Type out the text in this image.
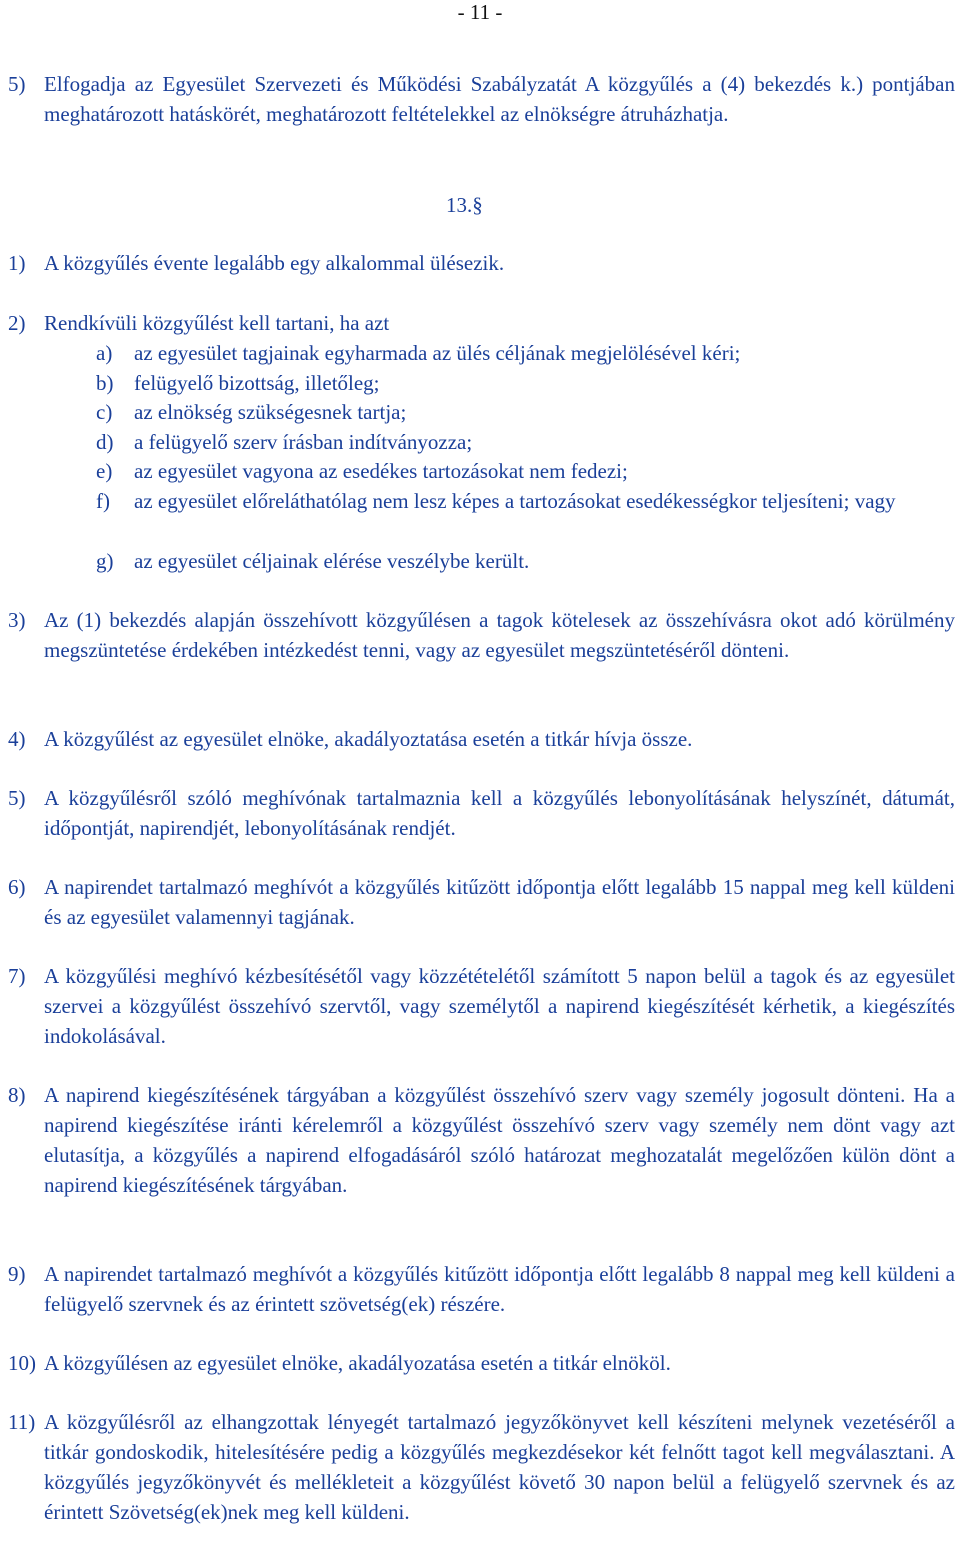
- 11 -
5) Elfogadja az Egyesület Szervezeti és Működési Szabályzatát A közgyűlés a (4) bekezdés k.) pontjában meghatározott hatáskörét, meghatározott feltételekkel az elnökségre átruházhatja.
13.§
1) A közgyűlés évente legalább egy alkalommal ülésezik.
2) Rendkívüli közgyűlést kell tartani, ha azt
a) az egyesület tagjainak egyharmada az ülés céljának megjelölésével kéri;
b) felügyelő bizottság, illetőleg;
c) az elnökség szükségesnek tartja;
d) a felügyelő szerv írásban indítványozza;
e) az egyesület vagyona az esedékes tartozásokat nem fedezi;
f) az egyesület előreláthatólag nem lesz képes a tartozásokat esedékességkor teljesíteni; vagy
g) az egyesület céljainak elérése veszélybe került.
3) Az (1) bekezdés alapján összehívott közgyűlésen a tagok kötelesek az összehívásra okot adó körülmény megszüntetése érdekében intézkedést tenni, vagy az egyesület megszüntetéséről dönteni.
4) A közgyűlést az egyesület elnöke, akadályoztatása esetén a titkár hívja össze.
5) A közgyűlésről szóló meghívónak tartalmaznia kell a közgyűlés lebonyolításának helyszínét, dátumát, időpontját, napirendjét, lebonyolításának rendjét.
6) A napirendet tartalmazó meghívót a közgyűlés kitűzött időpontja előtt legalább 15 nappal meg kell küldeni és az egyesület valamennyi tagjának.
7) A közgyűlési meghívó kézbesítésétől vagy közzétételétől számított 5 napon belül a tagok és az egyesület szervei a közgyűlést összehívó szervtől, vagy személytől a napirend kiegészítését kérhetik, a kiegészítés indokolásával.
8) A napirend kiegészítésének tárgyában a közgyűlést összehívó szerv vagy személy jogosult dönteni. Ha a napirend kiegészítése iránti kérelemről a közgyűlést összehívó szerv vagy személy nem dönt vagy azt elutasítja, a közgyűlés a napirend elfogadásáról szóló határozat meghozatalát megelőzően külön dönt a napirend kiegészítésének tárgyában.
9) A napirendet tartalmazó meghívót a közgyűlés kitűzött időpontja előtt legalább 8 nappal meg kell küldeni a felügyelő szervnek és az érintett szövetség(ek) részére.
10) A közgyűlésen az egyesület elnöke, akadályozatása esetén a titkár elnököl.
11) A közgyűlésről az elhangzottak lényegét tartalmazó jegyzőkönyvet kell készíteni melynek vezetéséről a titkár gondoskodik, hitelesítésére pedig a közgyűlés megkezdésekor két felnőtt tagot kell megválasztani. A közgyűlés jegyzőkönyvét és mellékleteit a közgyűlést követő 30 napon belül a felügyelő szervnek és az érintett Szövetség(ek)nek meg kell küldeni.
